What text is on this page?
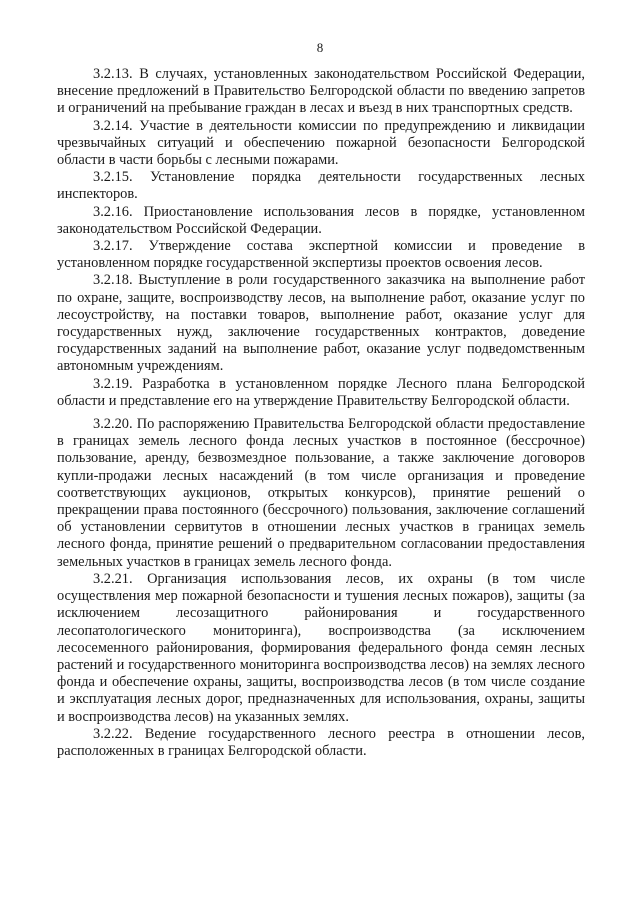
8

3.2.13. В случаях, установленных законодательством Российской Федерации, внесение предложений в Правительство Белгородской области по введению запретов и ограничений на пребывание граждан в лесах и въезд в них транспортных средств.

3.2.14. Участие в деятельности комиссии по предупреждению и ликвидации чрезвычайных ситуаций и обеспечению пожарной безопасности Белгородской области в части борьбы с лесными пожарами.

3.2.15. Установление порядка деятельности государственных лесных инспекторов.

3.2.16. Приостановление использования лесов в порядке, установленном законодательством Российской Федерации.

3.2.17. Утверждение состава экспертной комиссии и проведение в установленном порядке государственной экспертизы проектов освоения лесов.

3.2.18. Выступление в роли государственного заказчика на выполнение работ по охране, защите, воспроизводству лесов, на выполнение работ, оказание услуг по лесоустройству, на поставки товаров, выполнение работ, оказание услуг для государственных нужд, заключение государственных контрактов, доведение государственных заданий на выполнение работ, оказание услуг подведомственным автономным учреждениям.

3.2.19. Разработка в установленном порядке Лесного плана Белгородской области и представление его на утверждение Правительству Белгородской области.

3.2.20. По распоряжению Правительства Белгородской области предоставление в границах земель лесного фонда лесных участков в постоянное (бессрочное) пользование, аренду, безвозмездное пользование, а также заключение договоров купли-продажи лесных насаждений (в том числе организация и проведение соответствующих аукционов, открытых конкурсов), принятие решений о прекращении права постоянного (бессрочного) пользования, заключение соглашений об установлении сервитутов в отношении лесных участков в границах земель лесного фонда, принятие решений о предварительном согласовании предоставления земельных участков в границах земель лесного фонда.

3.2.21. Организация использования лесов, их охраны (в том числе осуществления мер пожарной безопасности и тушения лесных пожаров), защиты (за исключением лесозащитного районирования и государственного лесопатологического мониторинга), воспроизводства (за исключением лесосеменного районирования, формирования федерального фонда семян лесных растений и государственного мониторинга воспроизводства лесов) на землях лесного фонда и обеспечение охраны, защиты, воспроизводства лесов (в том числе создание и эксплуатация лесных дорог, предназначенных для использования, охраны, защиты и воспроизводства лесов) на указанных землях.

3.2.22. Ведение государственного лесного реестра в отношении лесов, расположенных в границах Белгородской области.
